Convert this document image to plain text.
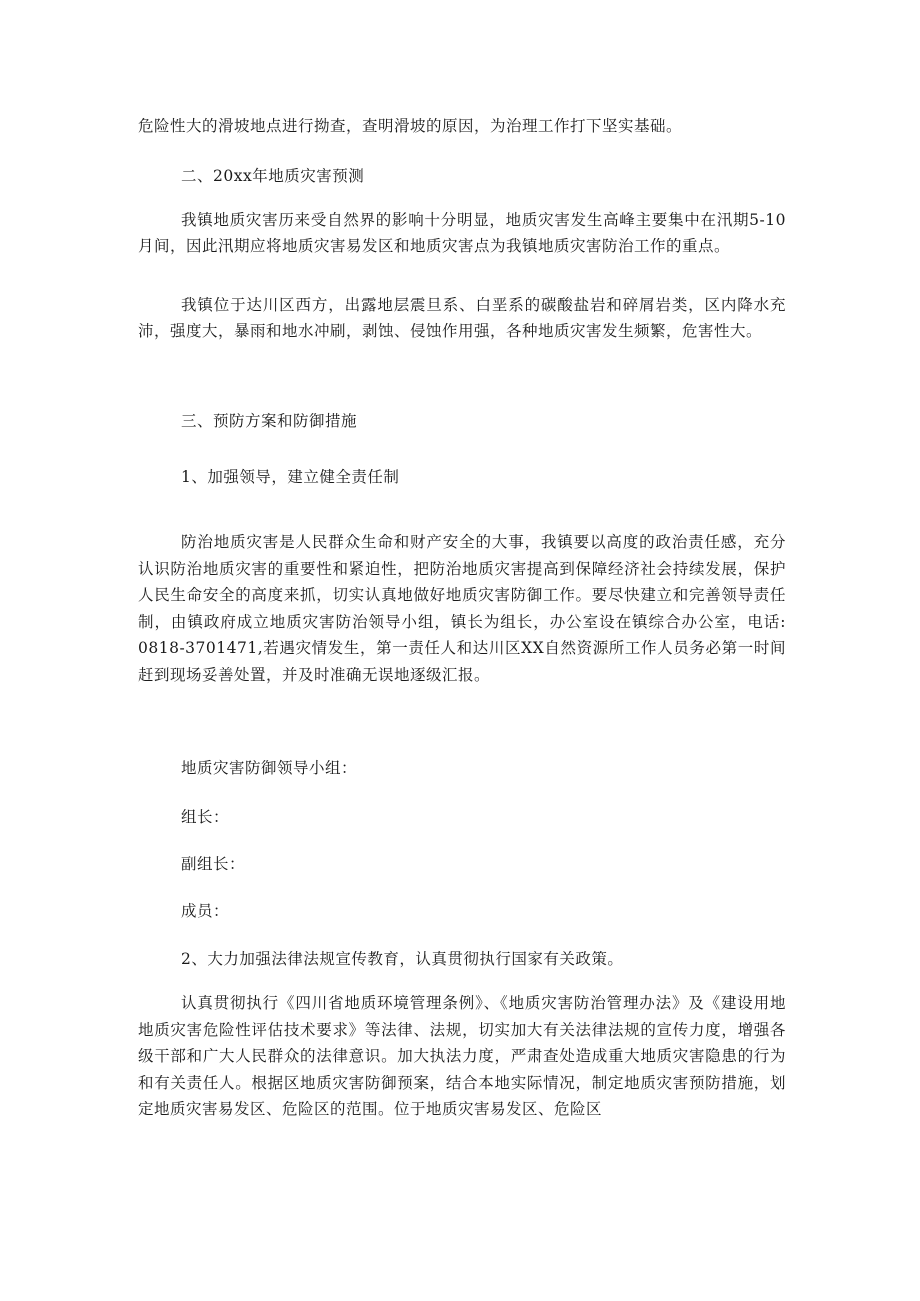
危险性大的滑坡地点进行拗查，查明滑坡的原因，为治理工作打下坚实基础。

二、20xx年地质灾害预测

我镇地质灾害历来受自然界的影响十分明显，地质灾害发生高峰主要集中在汛期5-10月间，因此汛期应将地质灾害易发区和地质灾害点为我镇地质灾害防治工作的重点。

我镇位于达川区西方，出露地层震旦系、白垩系的碳酸盐岩和碎屑岩类，区内降水充沛，强度大，暴雨和地水冲刷，剥蚀、侵蚀作用强，各种地质灾害发生频繁，危害性大。

三、预防方案和防御措施

1、加强领导，建立健全责任制

防治地质灾害是人民群众生命和财产安全的大事，我镇要以高度的政治责任感，充分认识防治地质灾害的重要性和紧迫性，把防治地质灾害提高到保障经济社会持续发展，保护人民生命安全的高度来抓，切实认真地做好地质灾害防御工作。要尽快建立和完善领导责任制，由镇政府成立地质灾害防治领导小组，镇长为组长，办公室设在镇综合办公室，电话: 0818-3701471,若遇灾情发生，第一责任人和达川区XX自然资源所工作人员务必第一时间赶到现场妥善处置，并及时准确无误地逐级汇报。

地质灾害防御领导小组：

组长：

副组长：

成员：

2、大力加强法律法规宣传教育，认真贯彻执行国家有关政策。

认真贯彻执行《四川省地质环境管理条例》、《地质灾害防治管理办法》及《建设用地地质灾害危险性评估技术要求》等法律、法规，切实加大有关法律法规的宣传力度，增强各级干部和广大人民群众的法律意识。加大执法力度，严肃查处造成重大地质灾害隐患的行为和有关责任人。根据区地质灾害防御预案，结合本地实际情况，制定地质灾害预防措施，划定地质灾害易发区、危险区的范围。位于地质灾害易发区、危险区
